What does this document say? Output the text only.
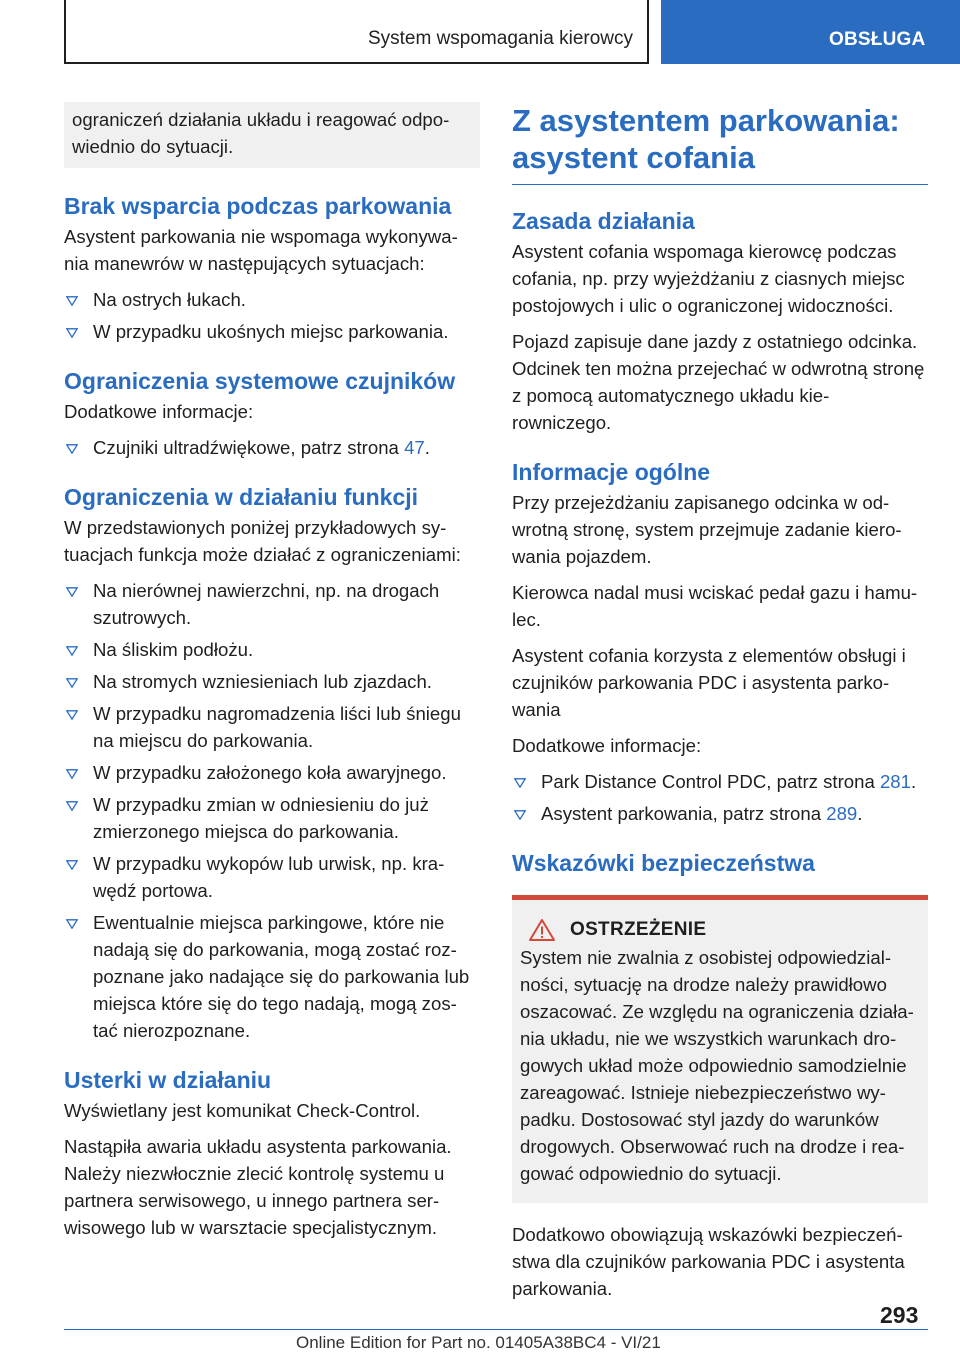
System wspomagania kierowcy	OBSŁUGA

ograniczeń działania układu i reagować odpo-wiednio do sytuacji.

Brak wsparcia podczas parkowania

Asystent parkowania nie wspomaga wykonywa-nia manewrów w następujących sytuacjach:

Na ostrych łukach.
W przypadku ukośnych miejsc parkowania.
Ograniczenia systemowe czujników

Dodatkowe informacje:

Czujniki ultradźwiękowe, patrz strona 47.
Ograniczenia w działaniu funkcji

W przedstawionych poniżej przykładowych sy-tuacjach funkcja może działać z ograniczeniami:

Na nierównej nawierzchni, np. na drogach szutrowych.
Na śliskim podłożu.
Na stromych wzniesieniach lub zjazdach.
W przypadku nagromadzenia liści lub śniegu na miejscu do parkowania.
W przypadku założonego koła awaryjnego.
W przypadku zmian w odniesieniu do już zmierzonego miejsca do parkowania.
W przypadku wykopów lub urwisk, np. kra-wędź portowa.
Ewentualnie miejsca parkingowe, które nie nadają się do parkowania, mogą zostać roz-poznane jako nadające się do parkowania lub miejsca które się do tego nadają, mogą zos-tać nierozpoznane.
Usterki w działaniu

Wyświetlany jest komunikat Check-Control.

Nastąpiła awaria układu asystenta parkowania. Należy niezwłocznie zlecić kontrolę systemu u partnera serwisowego, u innego partnera ser-wisowego lub w warsztacie specjalistycznym.

Z asystentem parkowania: asystent cofania
Zasada działania

Asystent cofania wspomaga kierowcę podczas cofania, np. przy wyjeżdżaniu z ciasnych miejsc postojowych i ulic o ograniczonej widoczności.

Pojazd zapisuje dane jazdy z ostatniego odcinka. Odcinek ten można przejechać w odwrotną stronę z pomocą automatycznego układu kie-rowniczego.

Informacje ogólne

Przy przejeżdżaniu zapisanego odcinka w od-wrotną stronę, system przejmuje zadanie kiero-wania pojazdem.

Kierowca nadal musi wciskać pedał gazu i hamu-lec.

Asystent cofania korzysta z elementów obsługi i czujników parkowania PDC i asystenta parko-wania

Dodatkowe informacje:

Park Distance Control PDC, patrz strona 281.
Asystent parkowania, patrz strona 289.
Wskazówki bezpieczeństwa
OSTRZEŻENIE

System nie zwalnia z osobistej odpowiedzial-ności, sytuację na drodze należy prawidłowo oszacować. Ze względu na ograniczenia działa-nia układu, nie we wszystkich warunkach dro-gowych układ może odpowiednio samodzielnie zareagować. Istnieje niebezpieczeństwo wy-padku. Dostosować styl jazdy do warunków drogowych. Obserwować ruch na drodze i rea-gować odpowiednio do sytuacji.

Dodatkowo obowiązują wskazówki bezpieczeń-stwa dla czujników parkowania PDC i asystenta parkowania.

293
Online Edition for Part no. 01405A38BC4 - VI/21
